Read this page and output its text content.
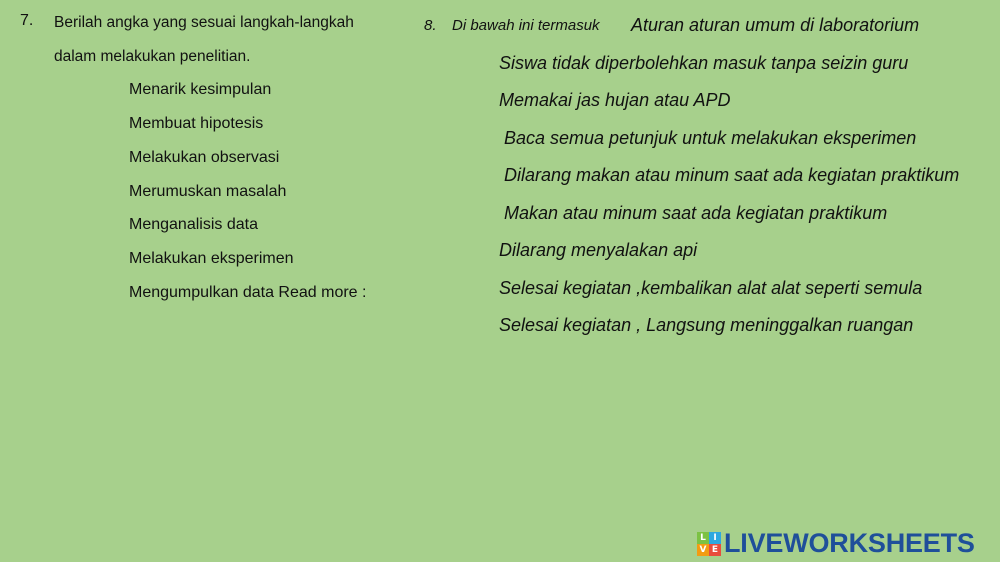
7. Berilah angka yang sesuai langkah-langkah
dalam melakukan penelitian.
Menarik kesimpulan
Membuat hipotesis
Melakukan observasi
Merumuskan masalah
Menganalisis data
Melakukan eksperimen
Mengumpulkan data Read more :
8. Di bawah ini termasuk Aturan aturan umum di laboratorium
Siswa tidak diperbolehkan masuk tanpa seizin guru
Memakai jas hujan atau APD
Baca semua petunjuk untuk melakukan eksperimen
Dilarang makan atau minum saat ada kegiatan praktikum
Makan atau minum saat ada kegiatan praktikum
Dilarang menyalakan api
Selesai kegiatan ,kembalikan alat alat seperti semula
Selesai kegiatan , Langsung meninggalkan ruangan
L I
V E LIVEWORKSHEETS
